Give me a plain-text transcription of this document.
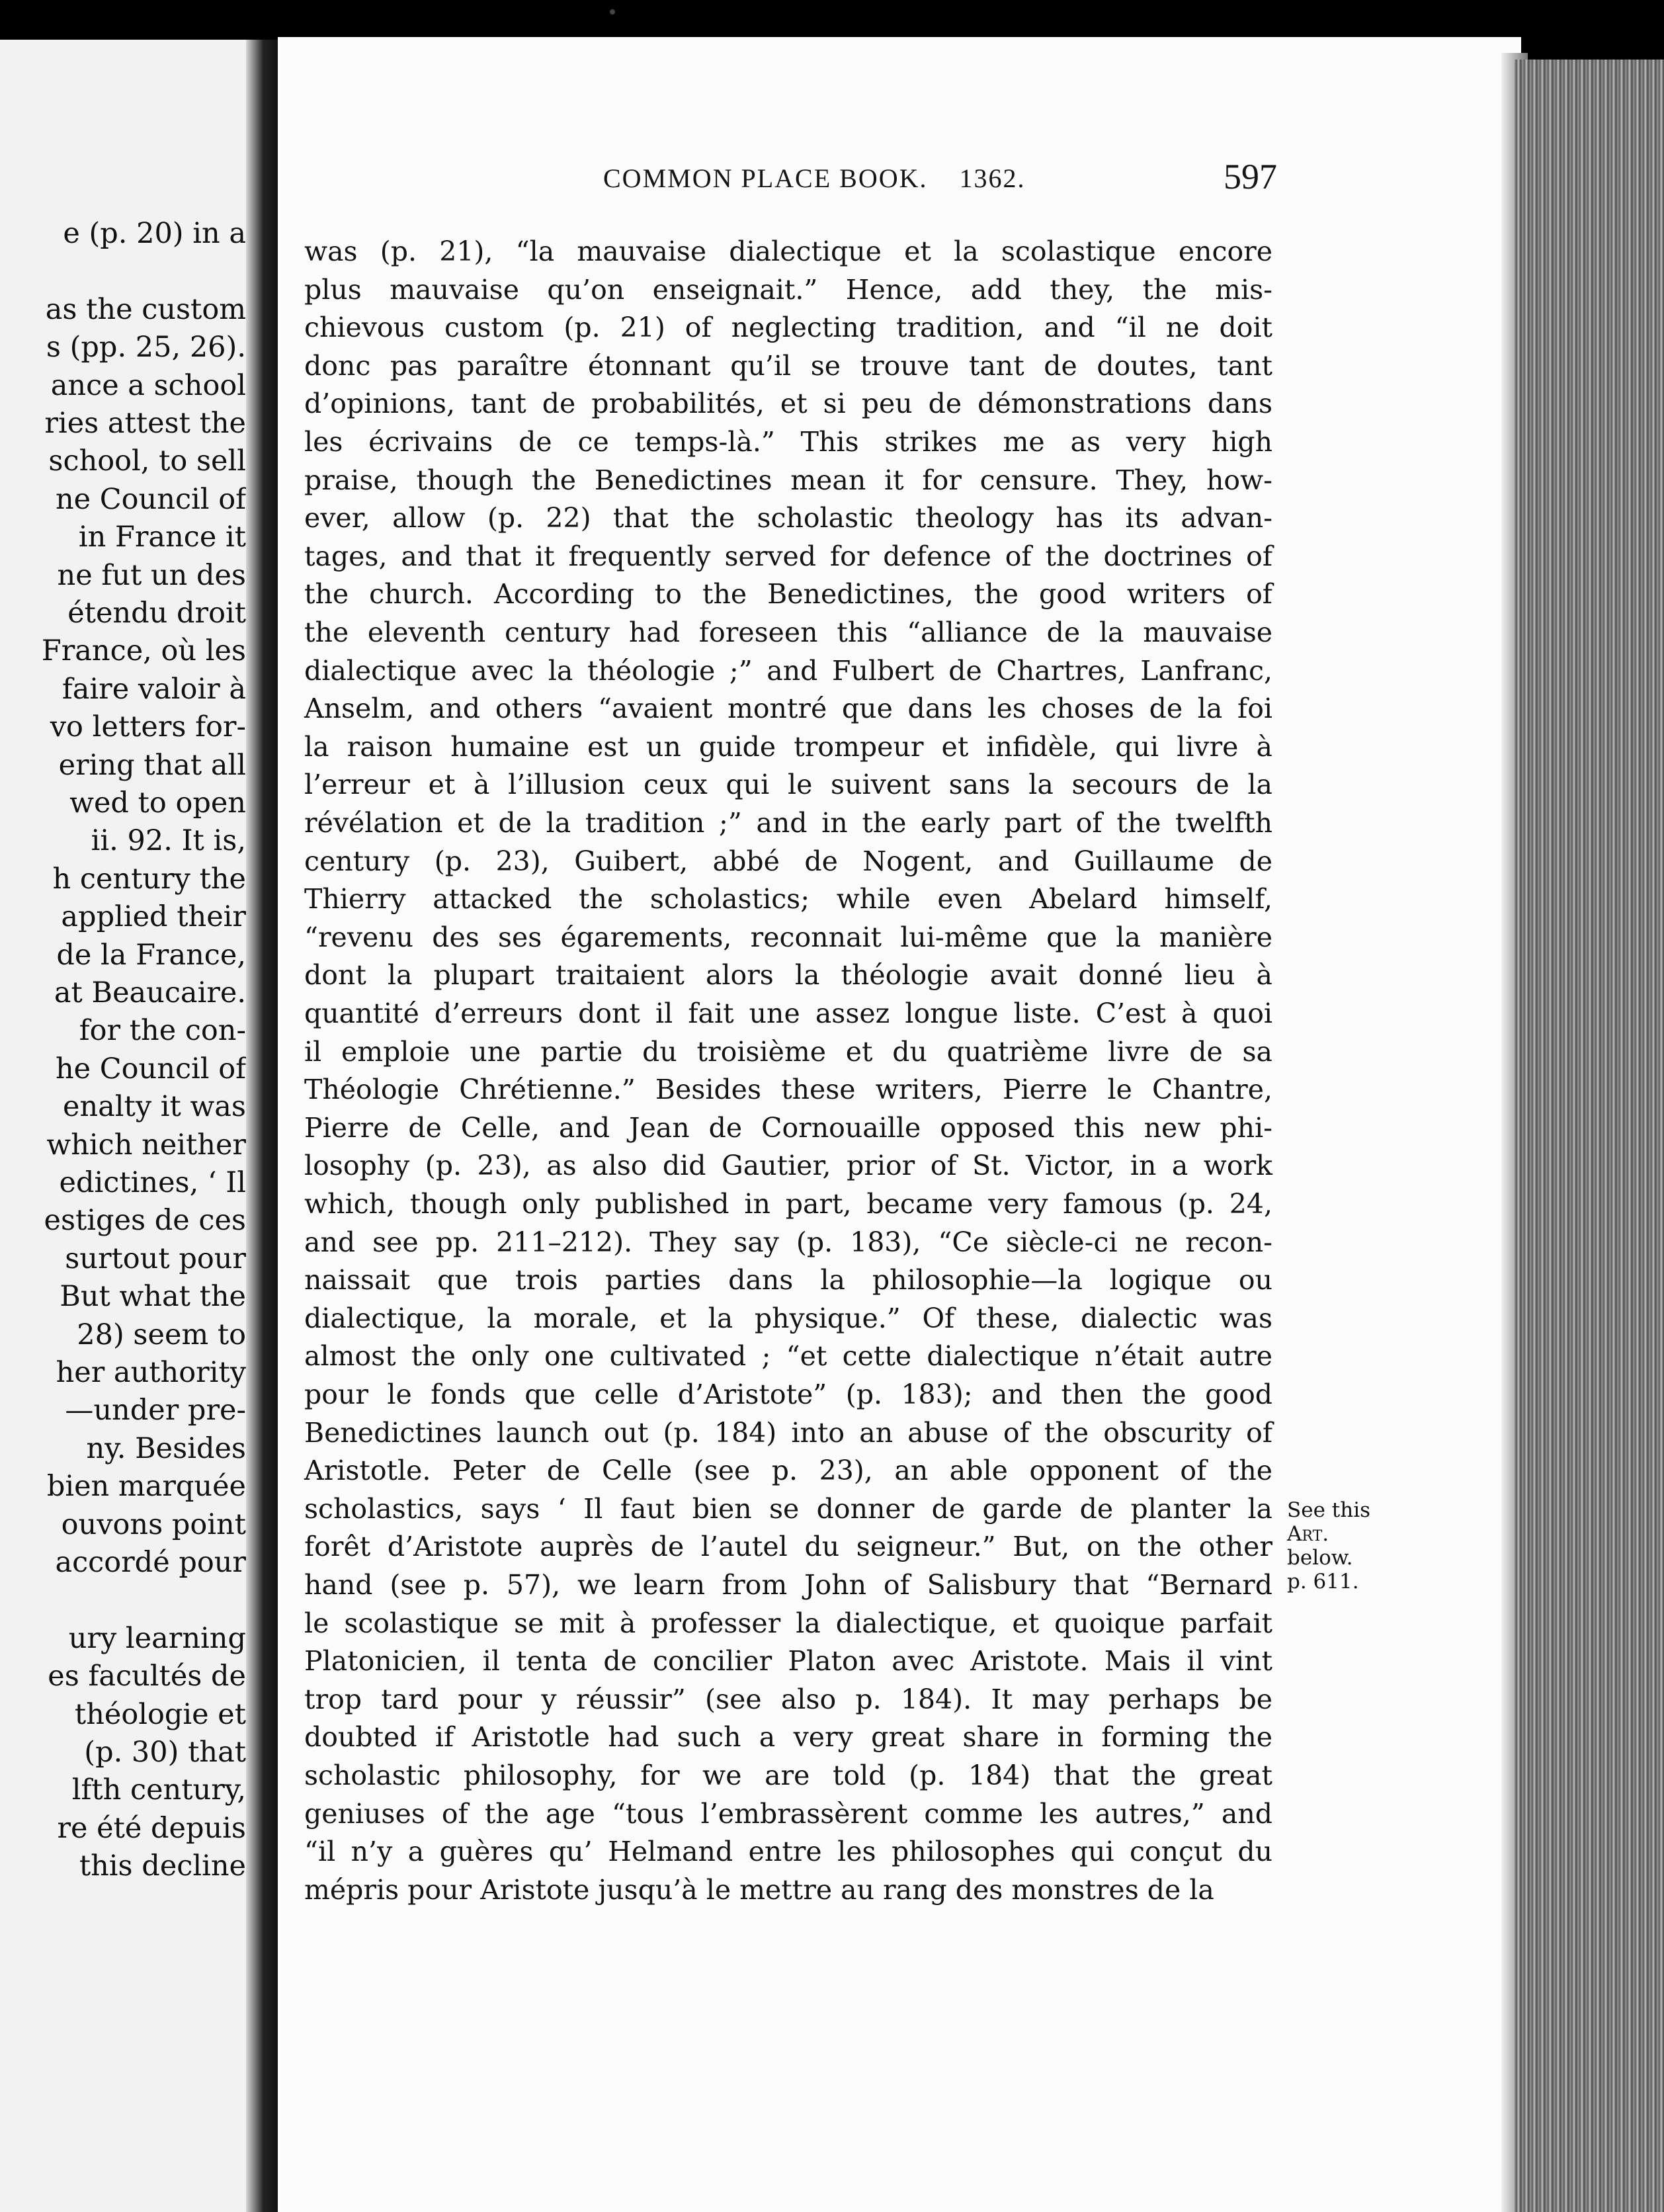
e (p. 20) in a
as the custom
s (pp. 25, 26).
ance a school
ries attest the
school, to sell
ne Council of
in France it
ne fut un des
étendu droit
France, où les
faire valoir à
vo letters for-
ering that all
wed to open
ii. 92. It is,
h century the
applied their
de la France,
at Beaucaire.
for the con-
he Council of
enalty it was
which neither
edictines, ‘ Il
estiges de ces
surtout pour
But what the
28) seem to
her authority
—under pre-
ny. Besides
bien marquée
ouvons point
accordé pour
ury learning
es facultés de
théologie et
(p. 30) that
lfth century,
re été depuis
this decline
COMMON PLACE BOOK. 1362.	597
was (p. 21), “la mauvaise dialectique et la scolastique encore
plus mauvaise qu’on enseignait.” Hence, add they, the mis-
chievous custom (p. 21) of neglecting tradition, and “il ne doit
donc pas paraître étonnant qu’il se trouve tant de doutes, tant
d’opinions, tant de probabilités, et si peu de démonstrations dans
les écrivains de ce temps-là.” This strikes me as very high
praise, though the Benedictines mean it for censure. They, how-
ever, allow (p. 22) that the scholastic theology has its advan-
tages, and that it frequently served for defence of the doctrines of
the church. According to the Benedictines, the good writers of
the eleventh century had foreseen this “alliance de la mauvaise
dialectique avec la théologie ;” and Fulbert de Chartres, Lanfranc,
Anselm, and others “avaient montré que dans les choses de la foi
la raison humaine est un guide trompeur et infidèle, qui livre à
l’erreur et à l’illusion ceux qui le suivent sans la secours de la
révélation et de la tradition ;” and in the early part of the twelfth
century (p. 23), Guibert, abbé de Nogent, and Guillaume de
Thierry attacked the scholastics; while even Abelard himself,
“revenu des ses égarements, reconnait lui-même que la manière
dont la plupart traitaient alors la théologie avait donné lieu à
quantité d’erreurs dont il fait une assez longue liste. C’est à quoi
il emploie une partie du troisième et du quatrième livre de sa
Théologie Chrétienne.” Besides these writers, Pierre le Chantre,
Pierre de Celle, and Jean de Cornouaille opposed this new phi-
losophy (p. 23), as also did Gautier, prior of St. Victor, in a work
which, though only published in part, became very famous (p. 24,
and see pp. 211–212). They say (p. 183), “Ce siècle-ci ne recon-
naissait que trois parties dans la philosophie—la logique ou
dialectique, la morale, et la physique.” Of these, dialectic was
almost the only one cultivated ; “et cette dialectique n’était autre
pour le fonds que celle d’Aristote” (p. 183); and then the good
Benedictines launch out (p. 184) into an abuse of the obscurity of
Aristotle. Peter de Celle (see p. 23), an able opponent of the
scholastics, says ‘ Il faut bien se donner de garde de planter la
forêt d’Aristote auprès de l’autel du seigneur.” But, on the other
hand (see p. 57), we learn from John of Salisbury that “Bernard
le scolastique se mit à professer la dialectique, et quoique parfait
Platonicien, il tenta de concilier Platon avec Aristote. Mais il vint
trop tard pour y réussir” (see also p. 184). It may perhaps be
doubted if Aristotle had such a very great share in forming the
scholastic philosophy, for we are told (p. 184) that the great
geniuses of the age “tous l’embrassèrent comme les autres,” and
“il n’y a guères qu’ Helmand entre les philosophes qui conçut du
mépris pour Aristote jusqu’à le mettre au rang des monstres de la
See this
Art.
below.
p. 611.
